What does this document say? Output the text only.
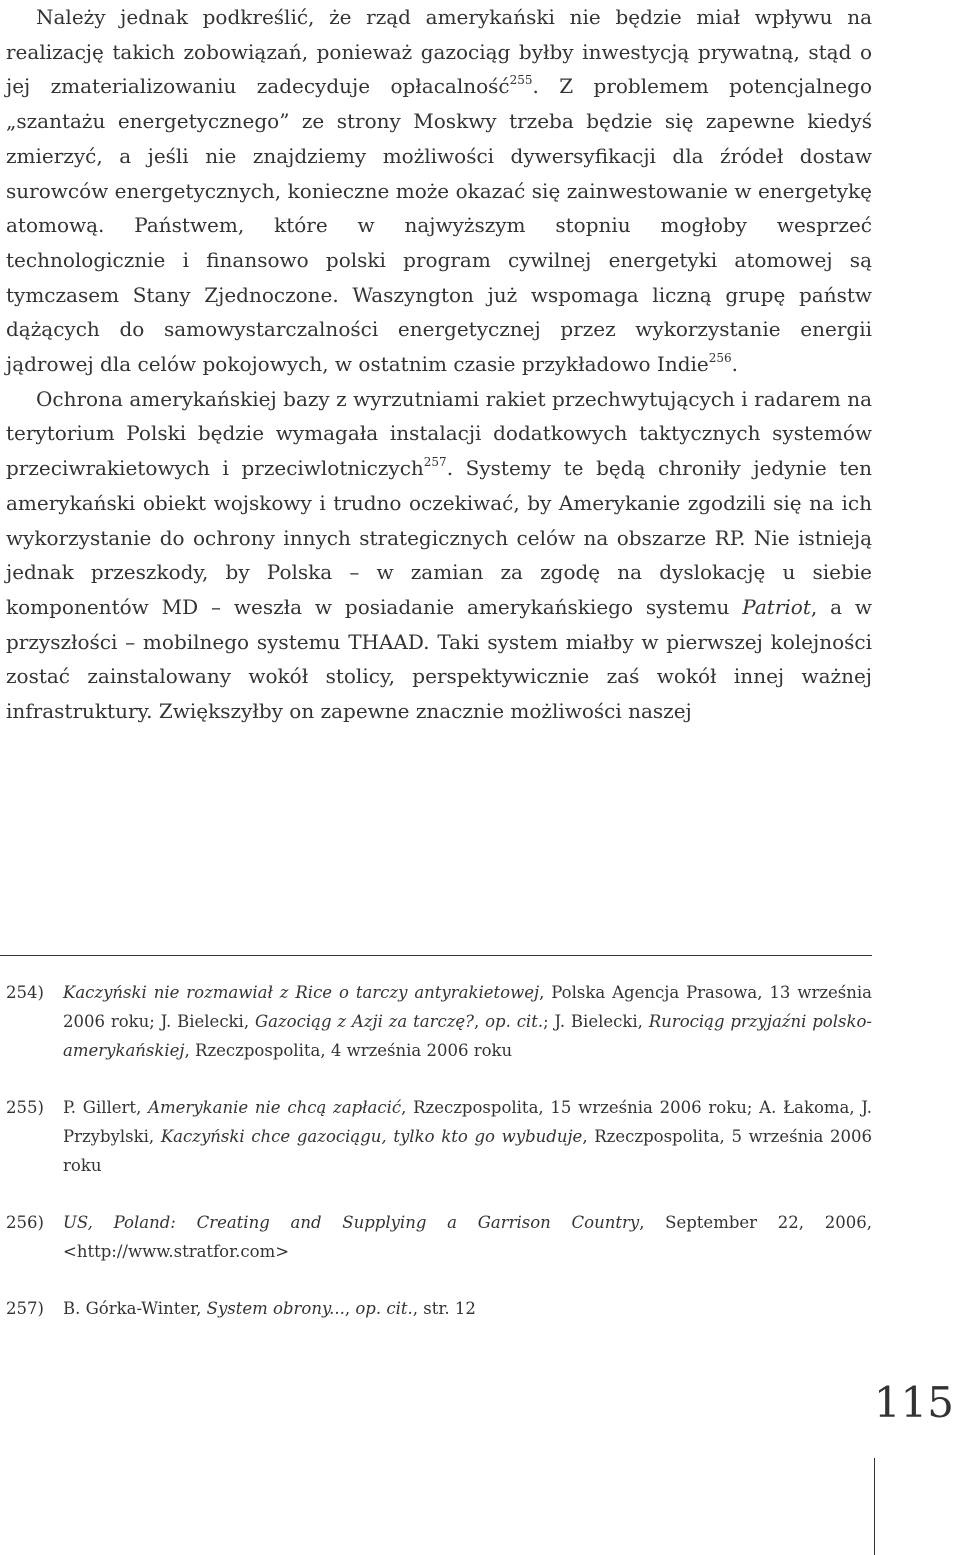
Należy jednak podkreślić, że rząd amerykański nie będzie miał wpływu na realizację takich zobowiązań, ponieważ gazociąg byłby inwestycją prywatną, stąd o jej zmaterializowaniu zadecyduje opłacalność$^{255}$. Z problemem potencjalnego „szantażu energetycznego” ze strony Moskwy trzeba będzie się zapewne kiedyś zmierzyć, a jeśli nie znajdziemy możliwości dywersyfikacji dla źródeł dostaw surowców energetycznych, konieczne może okazać się zainwestowanie w energetykę atomową. Państwem, które w najwyższym stopniu mogłoby wesprzeć technologicznie i finansowo polski program cywilnej energetyki atomowej są tymczasem Stany Zjednoczone. Waszyngton już wspomaga liczną grupę państw dążących do samowystarczalności energetycznej przez wykorzystanie energii jądrowej dla celów pokojowych, w ostatnim czasie przykładowo Indie$^{256}$.

Ochrona amerykańskiej bazy z wyrzutniami rakiet przechwytujących i radarem na terytorium Polski będzie wymagała instalacji dodatkowych taktycznych systemów przeciwrakietowych i przeciwlotniczych$^{257}$. Systemy te będą chroniły jedynie ten amerykański obiekt wojskowy i trudno oczekiwać, by Amerykanie zgodzili się na ich wykorzystanie do ochrony innych strategicznych celów na obszarze RP. Nie istnieją jednak przeszkody, by Polska – w zamian za zgodę na dyslokację u siebie komponentów MD – weszła w posiadanie amerykańskiego systemu Patriot, a w przyszłości – mobilnego systemu THAAD. Taki system miałby w pierwszej kolejności zostać zainstalowany wokół stolicy, perspektywicznie zaś wokół innej ważnej infrastruktury. Zwiększyłby on zapewne znacznie możliwości naszej

254) Kaczyński nie rozmawiał z Rice o tarczy antyrakietowej, Polska Agencja Prasowa, 13 września 2006 roku; J. Bielecki, Gazociąg z Azji za tarczę?, op. cit.; J. Bielecki, Rurociąg przyjaźni polsko-amerykańskiej, Rzeczpospolita, 4 września 2006 roku
255) P. Gillert, Amerykanie nie chcą zapłacić, Rzeczpospolita, 15 września 2006 roku; A. Łakoma, J. Przybylski, Kaczyński chce gazociągu, tylko kto go wybuduje, Rzeczpospolita, 5 września 2006 roku
256) US, Poland: Creating and Supplying a Garrison Country, September 22, 2006, <http://www.stratfor.com>
257) B. Górka-Winter, System obrony..., op. cit., str. 12
115
